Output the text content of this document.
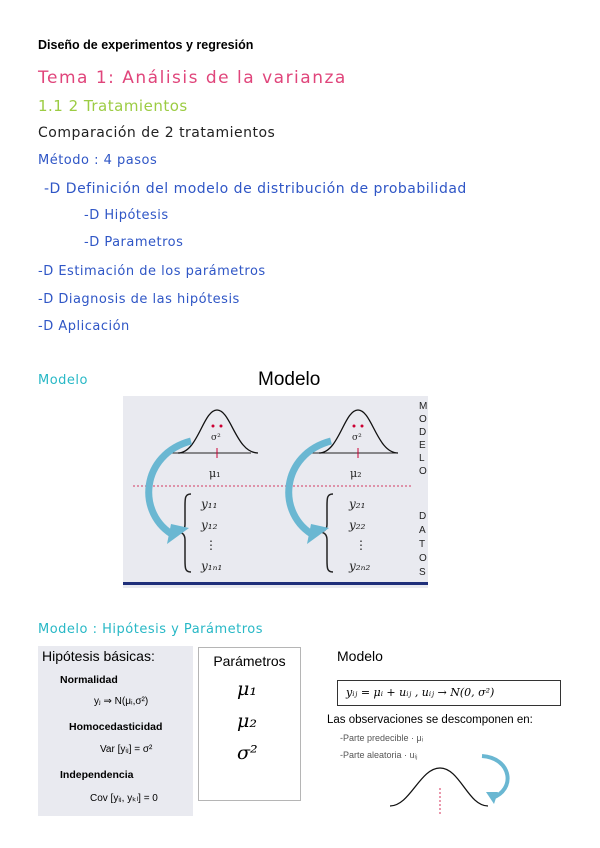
Diseño de experimentos y regresión
Tema 1: Análisis de la varianza
1.1 2 Tratamientos
Comparación de 2 tratamientos
Método : 4 pasos
-D Definición del modelo de distribución de probabilidad
-D Hipótesis
-D Parametros
-D Estimación de los parámetros
-D Diagnosis de las hipótesis
-D Aplicación
Modelo
Modelo : Hipótesis y Parámetros
Modelo
σ²	σ²
μ₁	μ₂
M
O
D
E
L
O
D
A
T
O
S
y₁₁
y₁₂
⋮
y₁ₙ₁
y₂₁
y₂₂
⋮
y₂ₙ₂
Hipótesis básicas:
Normalidad
yⱼ ⇒ N(μᵢ,σ²)
Homocedasticidad
Var [yᵢⱼ] = σ²
Independencia
Cov [yᵢⱼ, yₖₗ] = 0
Parámetros
μ₁
μ₂
σ²
Modelo
yᵢⱼ = μᵢ + uᵢⱼ , uᵢⱼ → N(0, σ²)
Las observaciones se descomponen en:
-Parte predecible · μᵢ
-Parte aleatoria · uᵢⱼ
